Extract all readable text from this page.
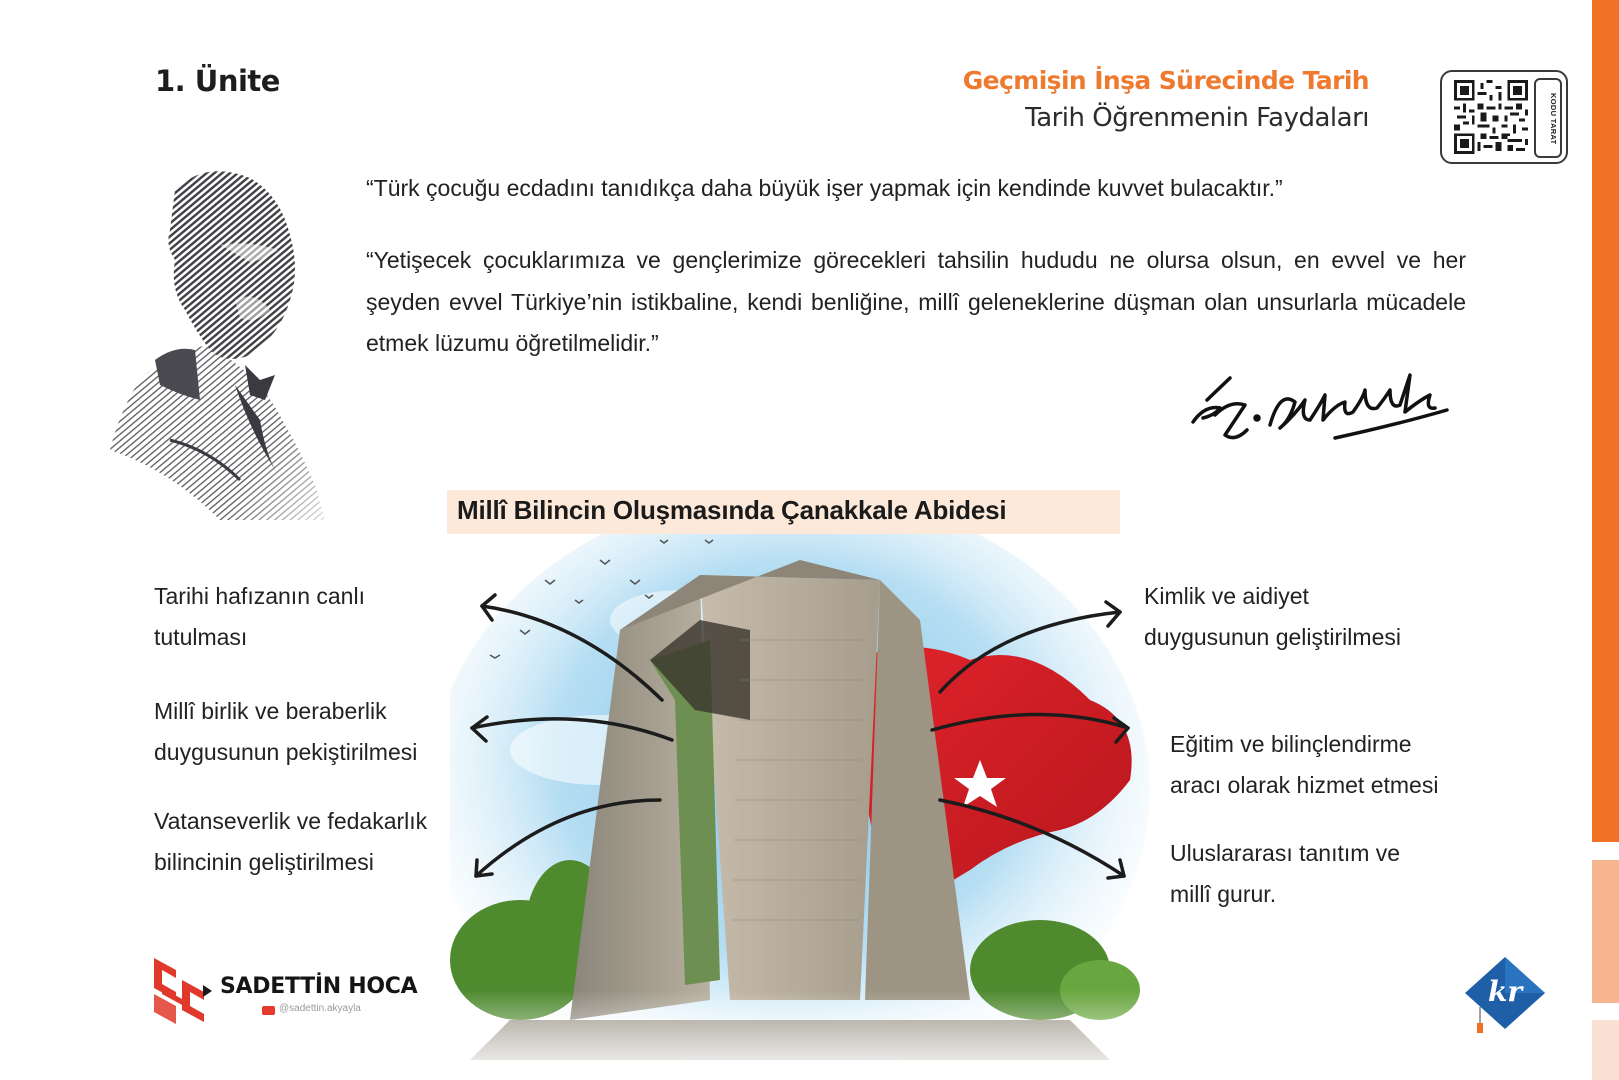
1. Ünite	Geçmişin İnşa Sürecinde Tarih
Tarih Öğrenmenin Faydaları	KODU TARAT
“Türk çocuğu ecdadını tanıdıkça daha büyük işer yapmak için kendinde kuvvet bulacaktır.”
“Yetişecek çocuklarımıza ve gençlerimize görecekleri tahsilin hududu ne olursa olsun, en evvel ve her şeyden evvel Türkiye’nin istikbaline, kendi benliğine, millî geleneklerine düşman olan unsurlarla mücadele etmek lüzumu öğretilmelidir.”
Millî Bilincin Oluşmasında Çanakkale Abidesi
Tarihi hafızanın canlı
tutulması
Millî birlik ve beraberlik
duygusunun pekiştirilmesi
Vatanseverlik ve fedakarlık
bilincinin geliştirilmesi
Kimlik ve aidiyet
duygusunun geliştirilmesi
Eğitim ve bilinçlendirme
aracı olarak hizmet etmesi
Uluslararası tanıtım ve
millî gurur.
SADETTİN HOCA
@sadettin.akyayla
kr
AKADEMİ
